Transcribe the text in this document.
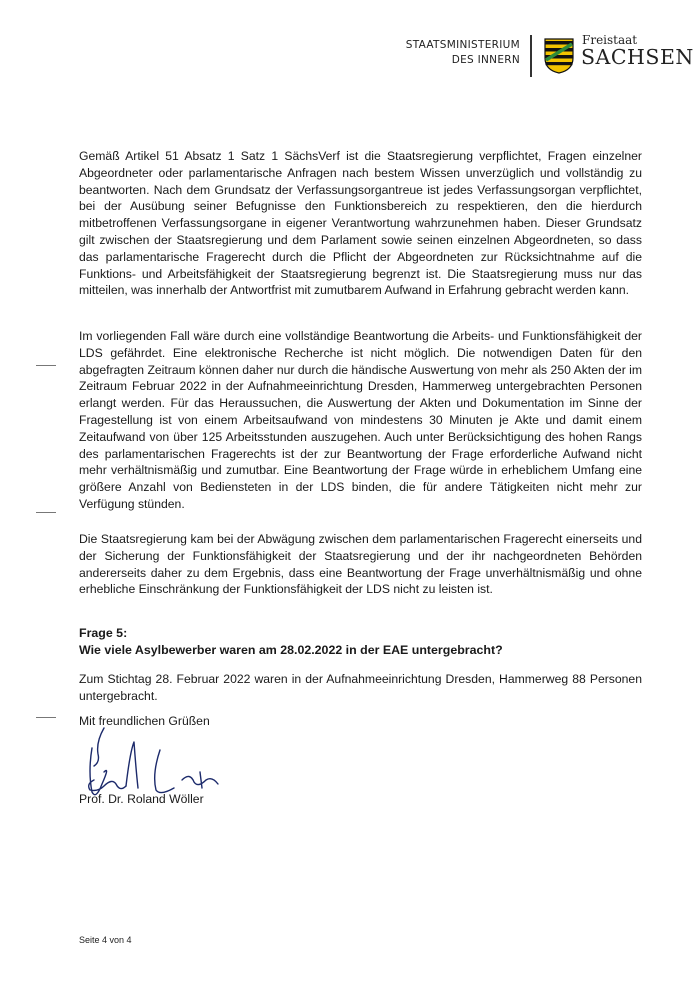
STAATSMINISTERIUM
DES INNERN
Freistaat
SACHSEN
Gemäß Artikel 51 Absatz 1 Satz 1 SächsVerf ist die Staatsregierung verpflichtet, Fragen einzelner Abgeordneter oder parlamentarische Anfragen nach bestem Wissen unverzüglich und vollständig zu beantworten. Nach dem Grundsatz der Verfassungsorgantreue ist jedes Verfassungsorgan verpflichtet, bei der Ausübung seiner Befugnisse den Funktionsbereich zu respektieren, den die hierdurch mitbetroffenen Verfassungsorgane in eigener Verantwortung wahrzunehmen haben. Dieser Grundsatz gilt zwischen der Staatsregierung und dem Parlament sowie seinen einzelnen Abgeordneten, so dass das parlamentarische Fragerecht durch die Pflicht der Abgeordneten zur Rücksichtnahme auf die Funktions- und Arbeitsfähigkeit der Staatsregierung begrenzt ist. Die Staatsregierung muss nur das mitteilen, was innerhalb der Antwortfrist mit zumutbarem Aufwand in Erfahrung gebracht werden kann.
Im vorliegenden Fall wäre durch eine vollständige Beantwortung die Arbeits- und Funktionsfähigkeit der LDS gefährdet. Eine elektronische Recherche ist nicht möglich. Die notwendigen Daten für den abgefragten Zeitraum können daher nur durch die händische Auswertung von mehr als 250 Akten der im Zeitraum Februar 2022 in der Aufnahmeeinrichtung Dresden, Hammerweg untergebrachten Personen erlangt werden. Für das Heraussuchen, die Auswertung der Akten und Dokumentation im Sinne der Fragestellung ist von einem Arbeitsaufwand von mindestens 30 Minuten je Akte und damit einem Zeitaufwand von über 125 Arbeitsstunden auszugehen. Auch unter Berücksichtigung des hohen Rangs des parlamentarischen Fragerechts ist der zur Beantwortung der Frage erforderliche Aufwand nicht mehr verhältnismäßig und zumutbar. Eine Beantwortung der Frage würde in erheblichem Umfang eine größere Anzahl von Bediensteten in der LDS binden, die für andere Tätigkeiten nicht mehr zur Verfügung stünden.
Die Staatsregierung kam bei der Abwägung zwischen dem parlamentarischen Fragerecht einerseits und der Sicherung der Funktionsfähigkeit der Staatsregierung und der ihr nachgeordneten Behörden andererseits daher zu dem Ergebnis, dass eine Beantwortung der Frage unverhältnismäßig und ohne erhebliche Einschränkung der Funktionsfähigkeit der LDS nicht zu leisten ist.
Frage 5:
Wie viele Asylbewerber waren am 28.02.2022 in der EAE untergebracht?
Zum Stichtag 28. Februar 2022 waren in der Aufnahmeeinrichtung Dresden, Hammerweg 88 Personen untergebracht.
Mit freundlichen Grüßen
Prof. Dr. Roland Wöller
Seite 4 von 4
